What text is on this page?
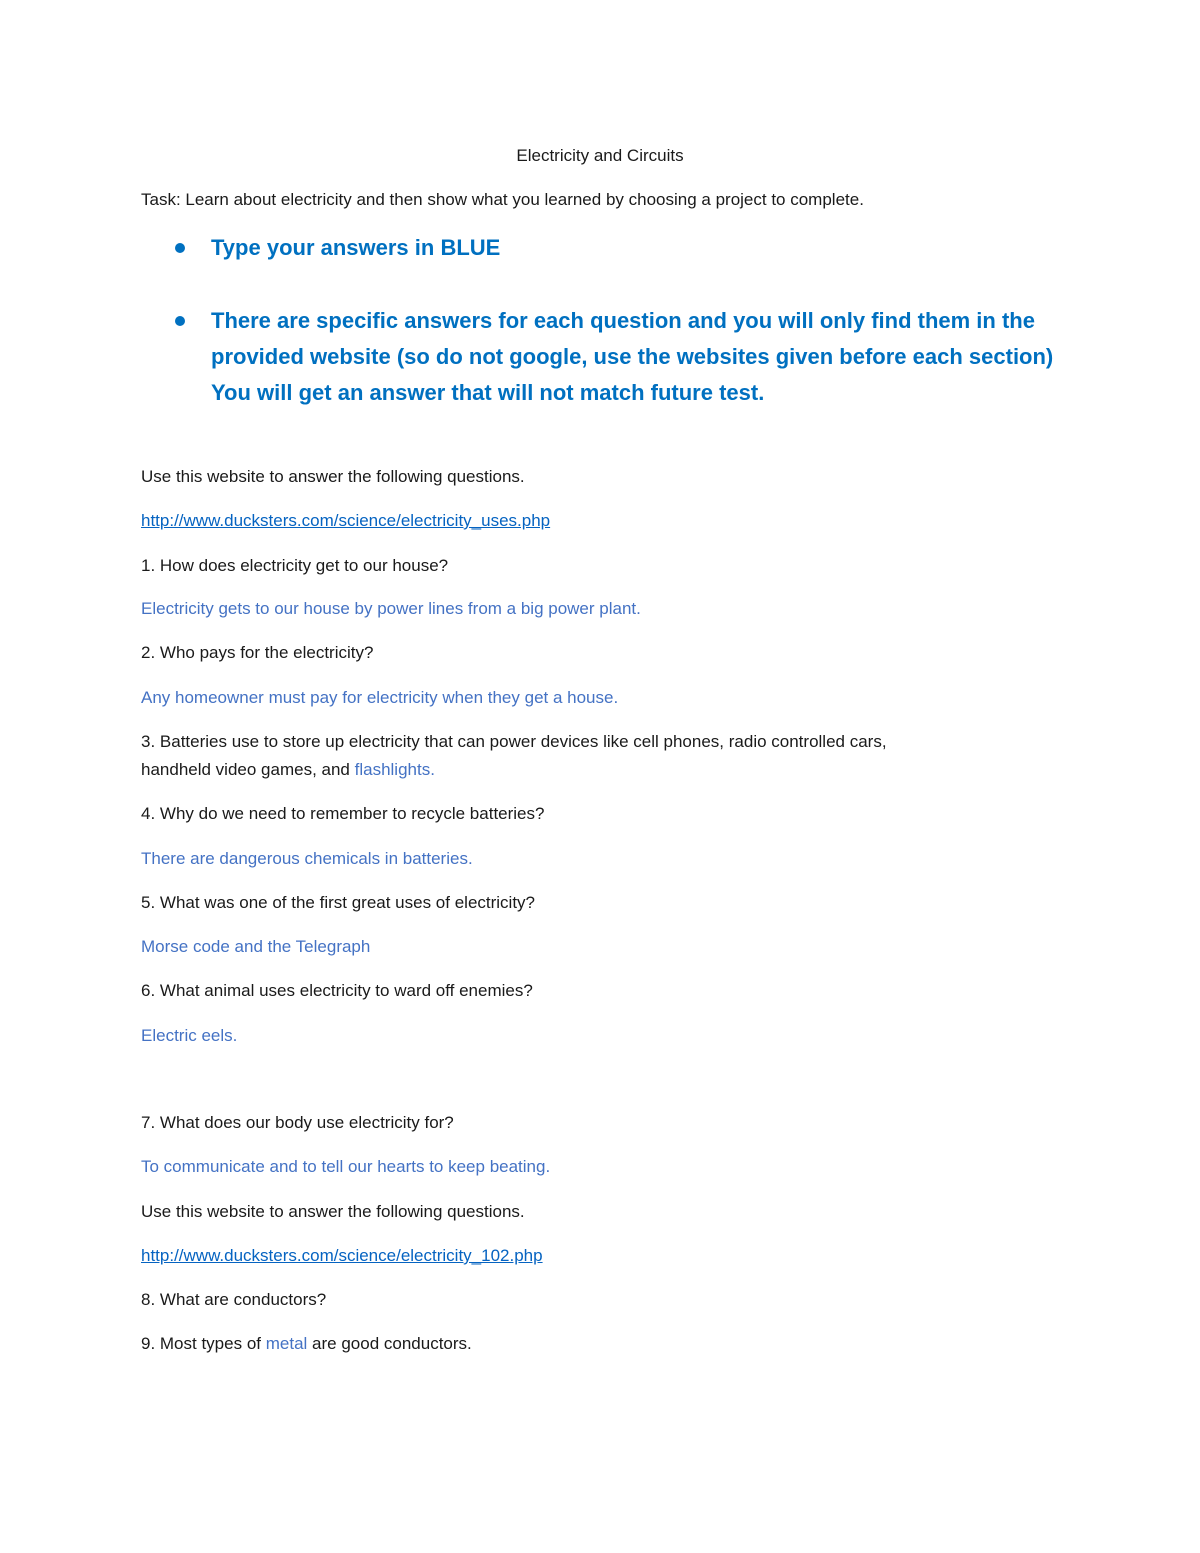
Electricity and Circuits
Task: Learn about electricity and then show what you learned by choosing a project to complete.
Type your answers in BLUE
There are specific answers for each question and you will only find them in the provided website (so do not google, use the websites given before each section) You will get an answer that will not match future test.
Use this website to answer the following questions.
http://www.ducksters.com/science/electricity_uses.php
1. How does electricity get to our house?
Electricity gets to our house by power lines from a big power plant.
2. Who pays for the electricity?
Any homeowner must pay for electricity when they get a house.
3. Batteries use to store up electricity that can power devices like cell phones, radio controlled cars,
handheld video games, and flashlights.
4. Why do we need to remember to recycle batteries?
There are dangerous chemicals in batteries.
5. What was one of the first great uses of electricity?
Morse code and the Telegraph
6. What animal uses electricity to ward off enemies?
Electric eels.
7. What does our body use electricity for?
To communicate and to tell our hearts to keep beating.
Use this website to answer the following questions.
http://www.ducksters.com/science/electricity_102.php
8. What are conductors?
9. Most types of metal are good conductors.
